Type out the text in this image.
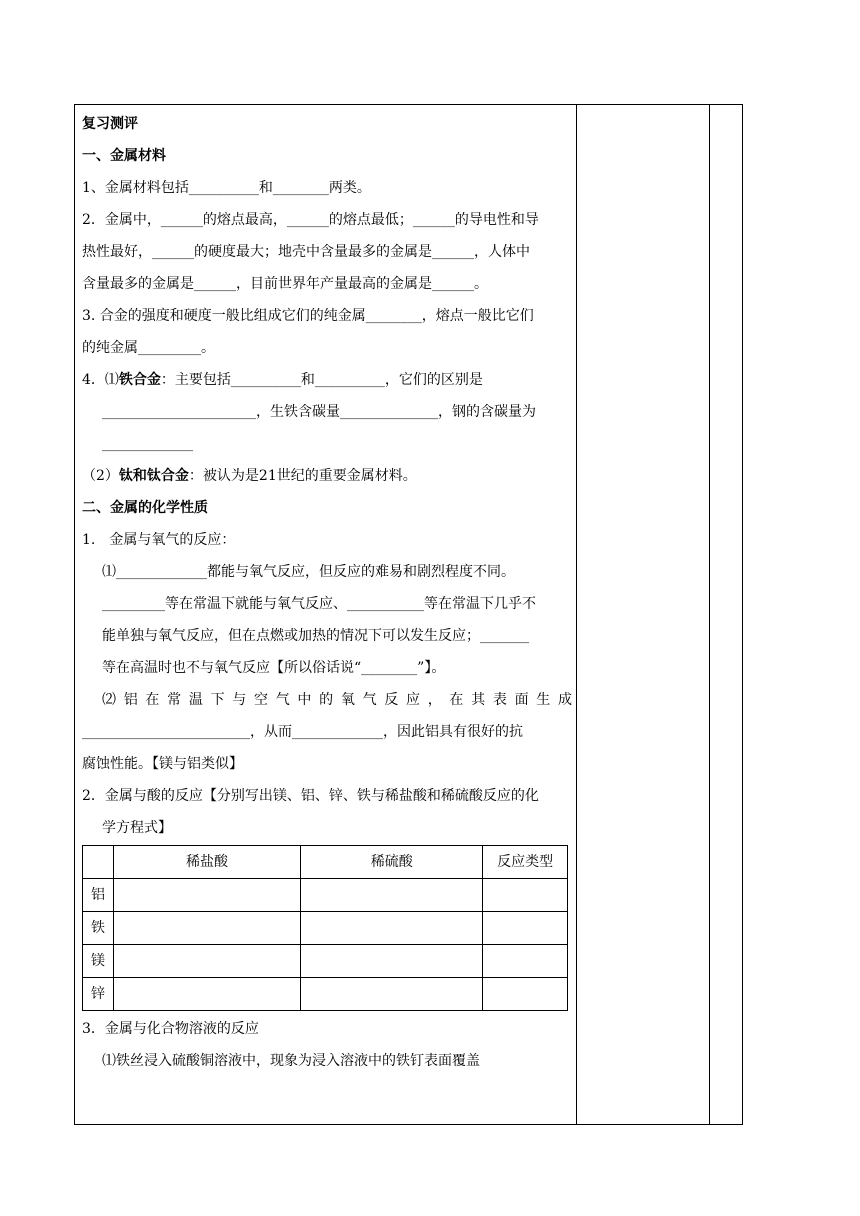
复习测评
一、金属材料
1、金属材料包括__________和________两类。
2．金属中，______的熔点最高，______的熔点最低；______的导电性和导
热性最好，______的硬度最大；地壳中含量最多的金属是______，人体中
含量最多的金属是______，目前世界年产量最高的金属是______。
3. 合金的强度和硬度一般比组成它们的纯金属________，熔点一般比它们
的纯金属_________。
4．⑴铁合金：主要包括__________和__________，它们的区别是
______________________，生铁含碳量______________，钢的含碳量为
_____________
（2）钛和钛合金：被认为是21世纪的重要金属材料。
二、金属的化学性质
1.　金属与氧气的反应：
⑴_____________都能与氧气反应，但反应的难易和剧烈程度不同。
_________等在常温下就能与氧气反应、___________等在常温下几乎不
能单独与氧气反应，但在点燃或加热的情况下可以发生反应；_______
等在高温时也不与氧气反应【所以俗话说“________”】。
⑵铝在常温下与空气中的氧气反应，在其表面生成
________________________，从而_____________，因此铝具有很好的抗
腐蚀性能。【镁与铝类似】
2．金属与酸的反应【分别写出镁、铝、锌、铁与稀盐酸和稀硫酸反应的化
学方程式】
	稀盐酸	稀硫酸	反应类型
铝			
铁			
镁			
锌			
3．金属与化合物溶液的反应
⑴铁丝浸入硫酸铜溶液中，现象为浸入溶液中的铁钉表面覆盖
